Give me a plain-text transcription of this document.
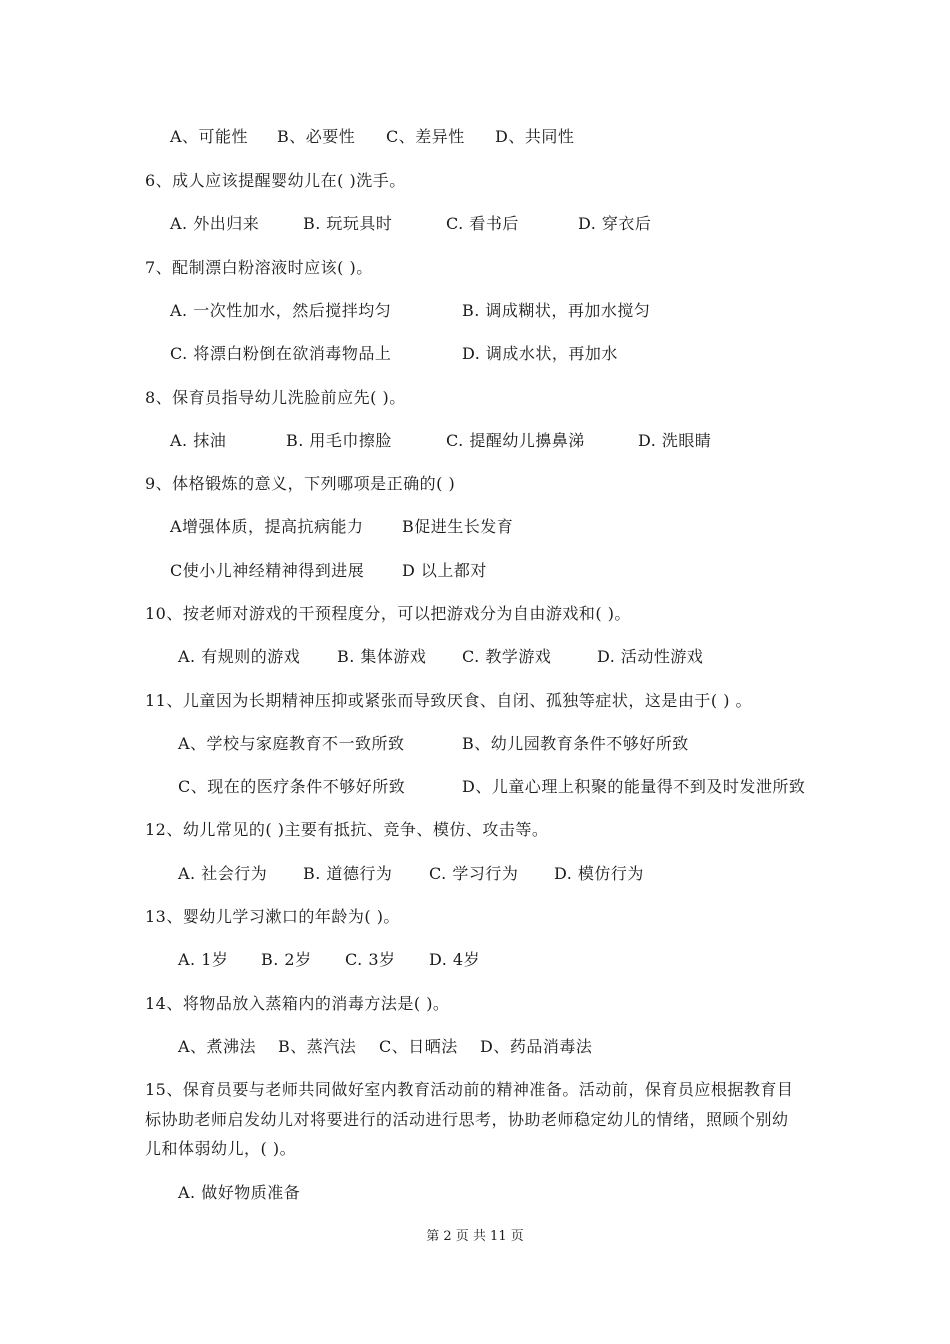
A、可能性 B、必要性 C、差异性 D、共同性
6、成人应该提醒婴幼儿在( )洗手。
A. 外出归来	B. 玩玩具时	C. 看书后	D. 穿衣后
7、配制漂白粉溶液时应该( )。
A. 一次性加水，然后搅拌均匀	B. 调成糊状，再加水搅匀
C. 将漂白粉倒在欲消毒物品上	D. 调成水状，再加水
8、保育员指导幼儿洗脸前应先( )。
A. 抹油	B. 用毛巾擦脸	C. 提醒幼儿擤鼻涕	D. 洗眼睛
9、体格锻炼的意义，下列哪项是正确的( )
A增强体质，提高抗病能力 B促进生长发育
C使小儿神经精神得到进展 D 以上都对
10、按老师对游戏的干预程度分，可以把游戏分为自由游戏和( )。
A. 有规则的游戏 B. 集体游戏 C. 教学游戏	D. 活动性游戏
11、儿童因为长期精神压抑或紧张而导致厌食、自闭、孤独等症状，这是由于( ) 。
A、学校与家庭教育不一致所致	B、幼儿园教育条件不够好所致
C、现在的医疗条件不够好所致	D、儿童心理上积聚的能量得不到及时发泄所致
12、幼儿常见的( )主要有抵抗、竞争、模仿、攻击等。
A. 社会行为 B. 道德行为 C. 学习行为 D. 模仿行为
13、婴幼儿学习漱口的年龄为( )。
A. 1岁 B. 2岁 C. 3岁 D. 4岁
14、将物品放入蒸箱内的消毒方法是( )。
A、煮沸法 B、蒸汽法 C、日晒法 D、药品消毒法
15、保育员要与老师共同做好室内教育活动前的精神准备。活动前，保育员应根据教育目
标协助老师启发幼儿对将要进行的活动进行思考，协助老师稳定幼儿的情绪，照顾个别幼
儿和体弱幼儿，( )。
A. 做好物质准备
第 2 页 共 11 页
